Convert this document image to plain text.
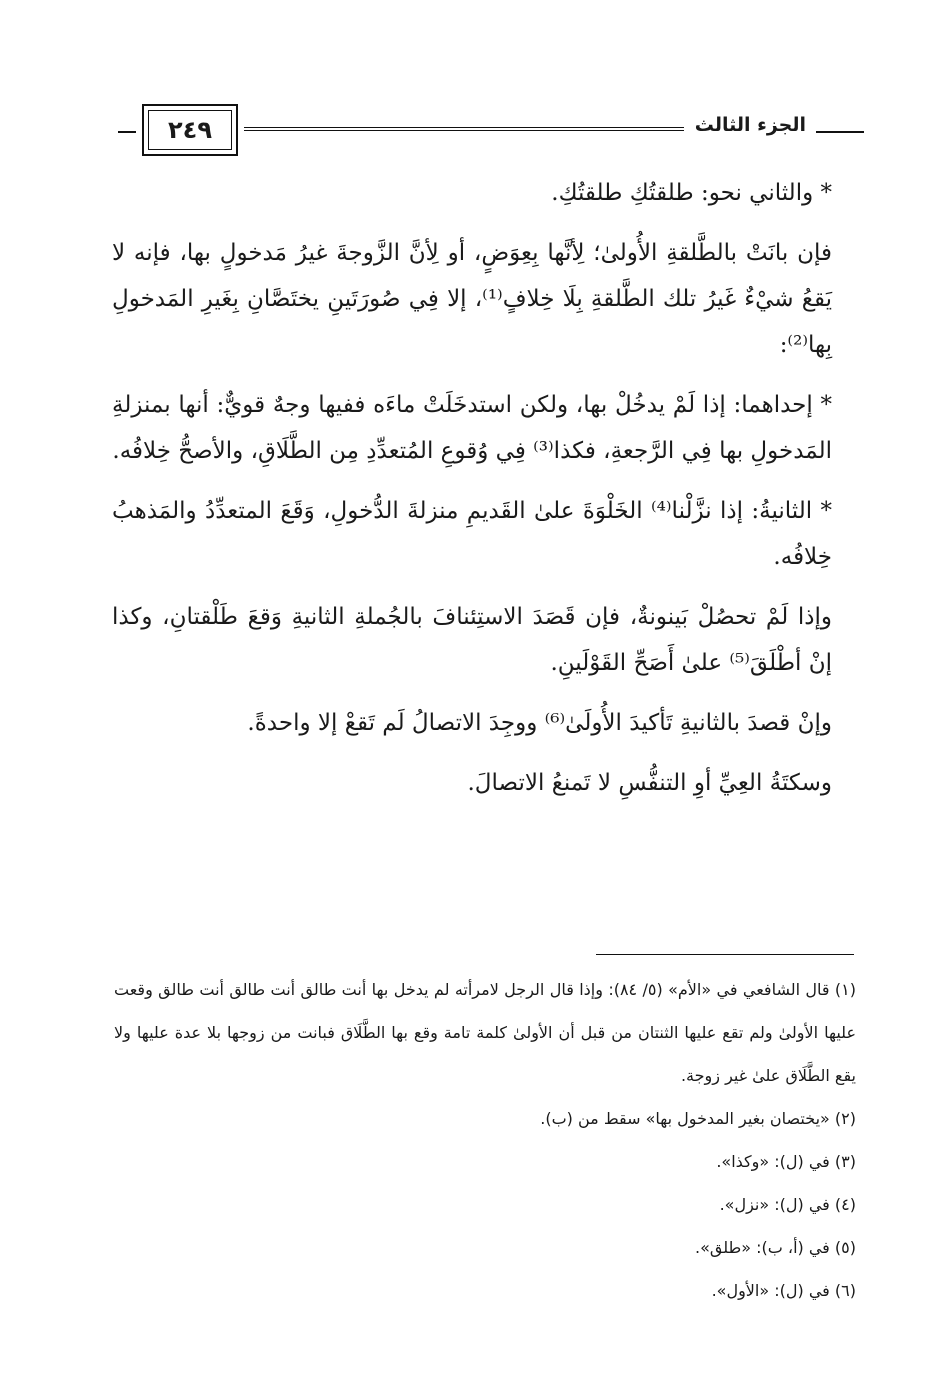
٢٤٩	الجزء الثالث

* والثاني نحو: طلقتُكِ طلقتُكِ.

فإن بانَتْ بالطَّلقةِ الأُولىٰ؛ لِأنَّها بِعِوَضٍ، أو لِأنَّ الزَّوجةَ غيرُ مَدخولٍ بها، فإنه لا يَقعُ شيْءٌ غَيرُ تلك الطَّلقةِ بِلَا خِلافٍ⁽¹⁾، إلا فِي صُورَتَينِ يختَصَّانِ بِغَيرِ المَدخولِ بِها⁽²⁾:

* إحداهما: إذا لَمْ يدخُلْ بها، ولكن استدخَلَتْ ماءَه ففيها وجهٌ قويٌّ: أنها بمنزلةِ المَدخولِ بها فِي الرَّجعةِ، فكذا⁽³⁾ فِي وُقوعِ المُتعدِّدِ مِن الطَّلَاقِ، والأصحُّ خِلافُه.

* الثانيةُ: إذا نزَّلْنا⁽⁴⁾ الخَلْوَةَ علىٰ القَديمِ منزلةَ الدُّخولِ، وَقَعَ المتعدِّدُ والمَذهبُ خِلافُه.

وإذا لَمْ تحصُلْ بَينونةٌ، فإن قَصَدَ الاستِئنافَ بالجُملةِ الثانيةِ وَقعَ طَلْقتانِ، وكذا إنْ أطْلَقَ⁽⁵⁾ علىٰ أَصَحِّ القَوْلَينِ.

وإنْ قصدَ بالثانيةِ تَأكيدَ الأُولَىٰ⁽⁶⁾ ووجِدَ الاتصالُ لَم تَقعْ إلا واحدةً.

وسكتَةُ العِيِّ أوِ التنفُّسِ لا تَمنعُ الاتصالَ.

(١) قال الشافعي في «الأم» (٥/ ٨٤): وإذا قال الرجل لامرأته لم يدخل بها أنت طالق أنت طالق أنت طالق وقعت عليها الأولىٰ ولم تقع عليها الثنتان من قبل أن الأولىٰ كلمة تامة وقع بها الطَّلَاق فبانت من زوجها بلا عدة عليها ولا يقع الطَّلَاق علىٰ غير زوجة.

(٢) «يختصان بغير المدخول بها» سقط من (ب).

(٣) في (ل): «وكذا».

(٤) في (ل): «نزل».

(٥) في (أ، ب): «طلق».

(٦) في (ل): «الأول».
